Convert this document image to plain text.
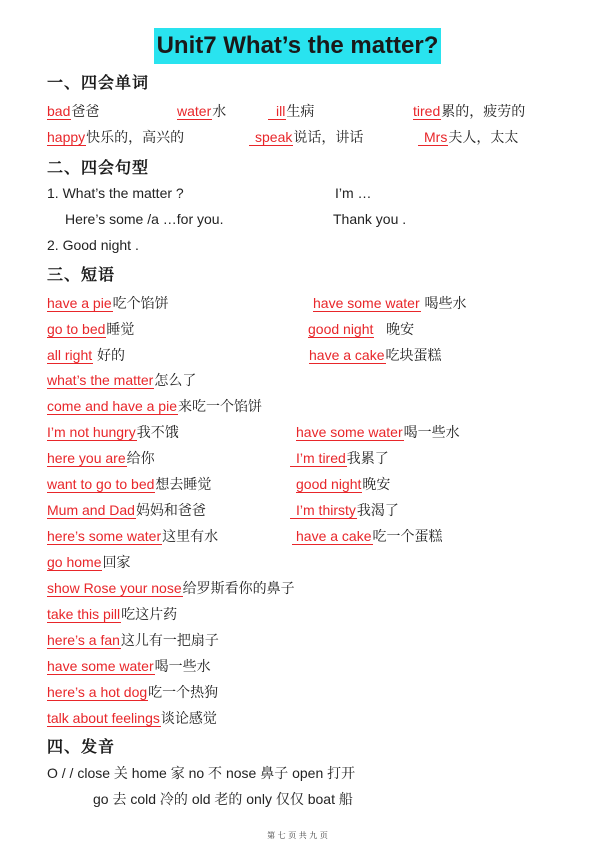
Unit7 What’s the matter?
一、四会单词
bad爸爸	water水	ill生病	tired累的，疲劳的
happy快乐的，高兴的	speak说话，讲话	Mrs夫人，太太
二、四会句型
1. What’s the matter ?	I’m …
Here’s some /a …for you.	Thank you .
2. Good night .
三、短语
have a pie吃个馅饼	have some water 喝些水
go to bed睡觉	good night 晚安
all right 好的	have a cake吃块蛋糕
what’s the matter怎么了
come and have a pie来吃一个馅饼
I’m not hungry我不饿	have some water喝一些水
here you are给你	I’m tired我累了
want to go to bed想去睡觉	good night晚安
Mum and Dad妈妈和爸爸	I’m thirsty我渴了
here’s some water这里有水	have a cake吃一个蛋糕
go home回家
show Rose your nose给罗斯看你的鼻子
take this pill吃这片药
here’s a fan这儿有一把扇子
have some water喝一些水
here’s a hot dog吃一个热狗
talk about feelings谈论感觉
四、发音
O / / close 关 home 家 no 不 nose 鼻子 open 打开
go 去 cold 冷的 old 老的 only 仅仅 boat 船
第 七 页 共 九 页
